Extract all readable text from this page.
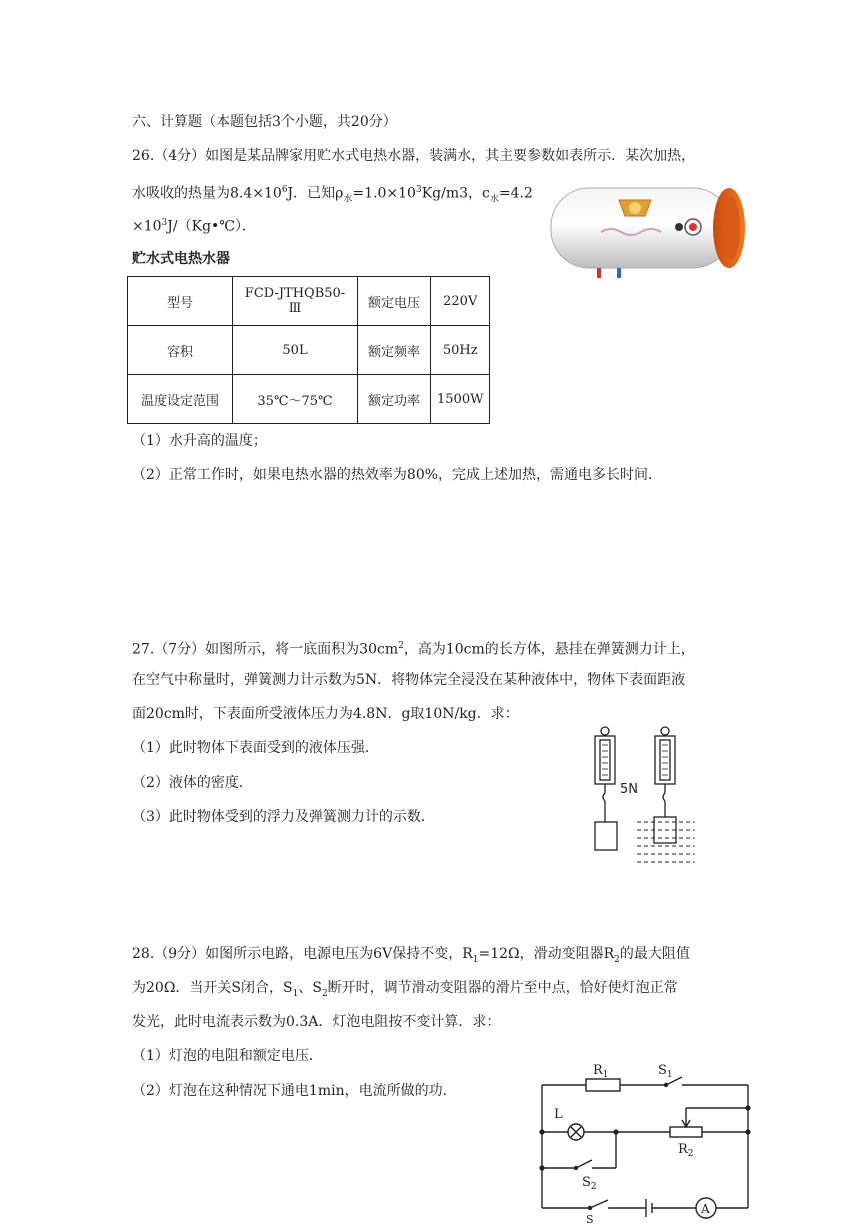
六、计算题（本题包括3个小题，共20分）
26.（4分）如图是某品牌家用贮水式电热水器，装满水，其主要参数如表所示．某次加热，
水吸收的热量为$8.4\times 10^6J$．已知$\rho_水=1.0\times 10^3Kg/m3$，$c_水=4.2$
$\times 10^3J/(Kg•℃)$．
贮水式电热水器
型号	FCD-JTHQB50-Ⅲ	额定电压	220V
容积	50L	额定频率	50Hz
温度设定范围	35℃～75℃	额定功率	1500W
（1）水升高的温度；
（2）正常工作时，如果电热水器的热效率为80%，完成上述加热，需通电多长时间．
27.（7分）如图所示，将一底面积为$30cm^2$，高为10cm的长方体，悬挂在弹簧测力计上，
在空气中称量时，弹簧测力计示数为5N．将物体完全浸没在某种液体中，物体下表面距液
面20cm时，下表面所受液体压力为4.8N．g取10N/kg．求：
（1）此时物体下表面受到的液体压强．
（2）液体的密度．
（3）此时物体受到的浮力及弹簧测力计的示数．
5N
28.（9分）如图所示电路，电源电压为6V保持不变，$R_1=12\Omega$，滑动变阻器$R_2$的最大阻值
为20Ω．当开关S闭合，$S_1$、$S_2$断开时，调节滑动变阻器的滑片至中点，恰好使灯泡正常
发光，此时电流表示数为0.3A．灯泡电阻按不变计算．求：
（1）灯泡的电阻和额定电压．
（2）灯泡在这种情况下通电1min，电流所做的功．
$R_1$	$S_1$
L
$R_2$
$S_2$
S
A
